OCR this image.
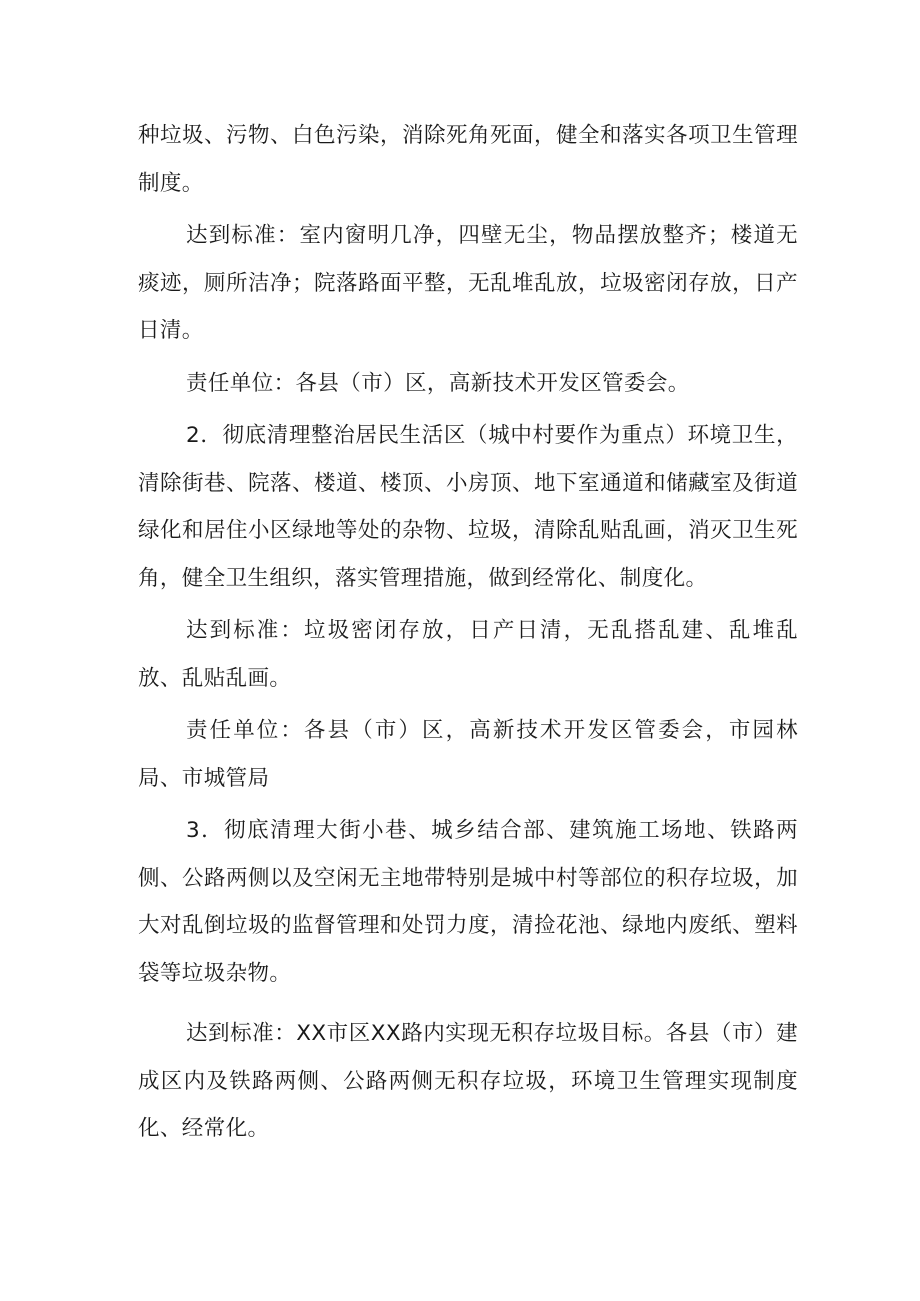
种垃圾、污物、白色污染，消除死角死面，健全和落实各项卫生管理制度。

达到标准：室内窗明几净，四壁无尘，物品摆放整齐；楼道无痰迹，厕所洁净；院落路面平整，无乱堆乱放，垃圾密闭存放，日产日清。

责任单位：各县（市）区，高新技术开发区管委会。

2．彻底清理整治居民生活区（城中村要作为重点）环境卫生，清除街巷、院落、楼道、楼顶、小房顶、地下室通道和储藏室及街道绿化和居住小区绿地等处的杂物、垃圾，清除乱贴乱画，消灭卫生死角，健全卫生组织，落实管理措施，做到经常化、制度化。

达到标准：垃圾密闭存放，日产日清，无乱搭乱建、乱堆乱放、乱贴乱画。

责任单位：各县（市）区，高新技术开发区管委会，市园林局、市城管局

3．彻底清理大街小巷、城乡结合部、建筑施工场地、铁路两侧、公路两侧以及空闲无主地带特别是城中村等部位的积存垃圾，加大对乱倒垃圾的监督管理和处罚力度，清捡花池、绿地内废纸、塑料袋等垃圾杂物。

达到标准：XX市区XX路内实现无积存垃圾目标。各县（市）建成区内及铁路两侧、公路两侧无积存垃圾，环境卫生管理实现制度化、经常化。
